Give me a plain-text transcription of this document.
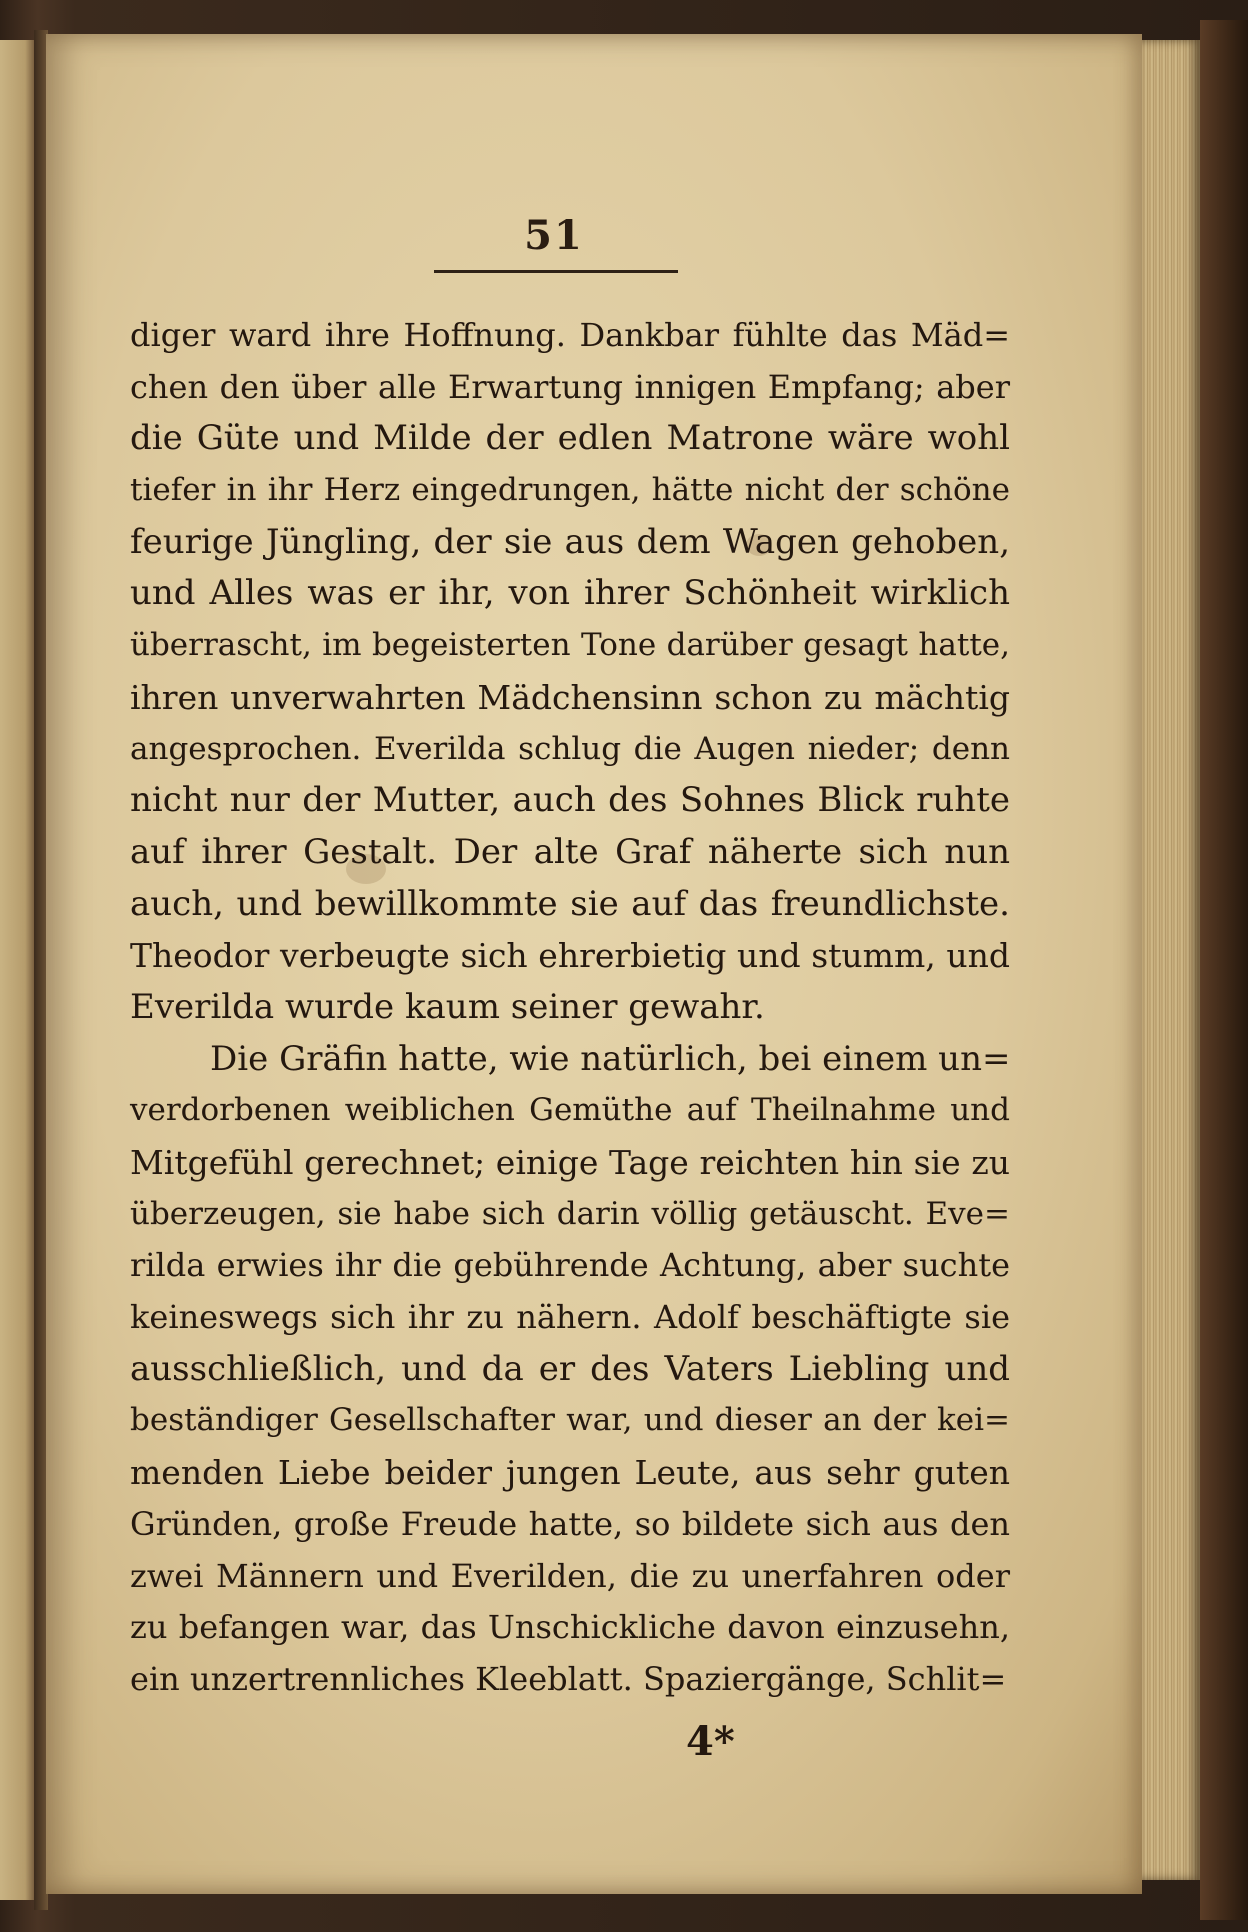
51
diger ward ihre Hoffnung. Dankbar fühlte das Mäd=
chen den über alle Erwartung innigen Empfang; aber
die Güte und Milde der edlen Matrone wäre wohl
tiefer in ihr Herz eingedrungen, hätte nicht der schöne
feurige Jüngling, der sie aus dem Wagen gehoben,
und Alles was er ihr, von ihrer Schönheit wirklich
überrascht, im begeisterten Tone darüber gesagt hatte,
ihren unverwahrten Mädchensinn schon zu mächtig
angesprochen. Everilda schlug die Augen nieder; denn
nicht nur der Mutter, auch des Sohnes Blick ruhte
auf ihrer Gestalt. Der alte Graf näherte sich nun
auch, und bewillkommte sie auf das freundlichste.
Theodor verbeugte sich ehrerbietig und stumm, und
Everilda wurde kaum seiner gewahr.
Die Gräfin hatte, wie natürlich, bei einem un=
verdorbenen weiblichen Gemüthe auf Theilnahme und
Mitgefühl gerechnet; einige Tage reichten hin sie zu
überzeugen, sie habe sich darin völlig getäuscht. Eve=
rilda erwies ihr die gebührende Achtung, aber suchte
keineswegs sich ihr zu nähern. Adolf beschäftigte sie
ausschließlich, und da er des Vaters Liebling und
beständiger Gesellschafter war, und dieser an der kei=
menden Liebe beider jungen Leute, aus sehr guten
Gründen, große Freude hatte, so bildete sich aus den
zwei Männern und Everilden, die zu unerfahren oder
zu befangen war, das Unschickliche davon einzusehn,
ein unzertrennliches Kleeblatt. Spaziergänge, Schlit=
4*
